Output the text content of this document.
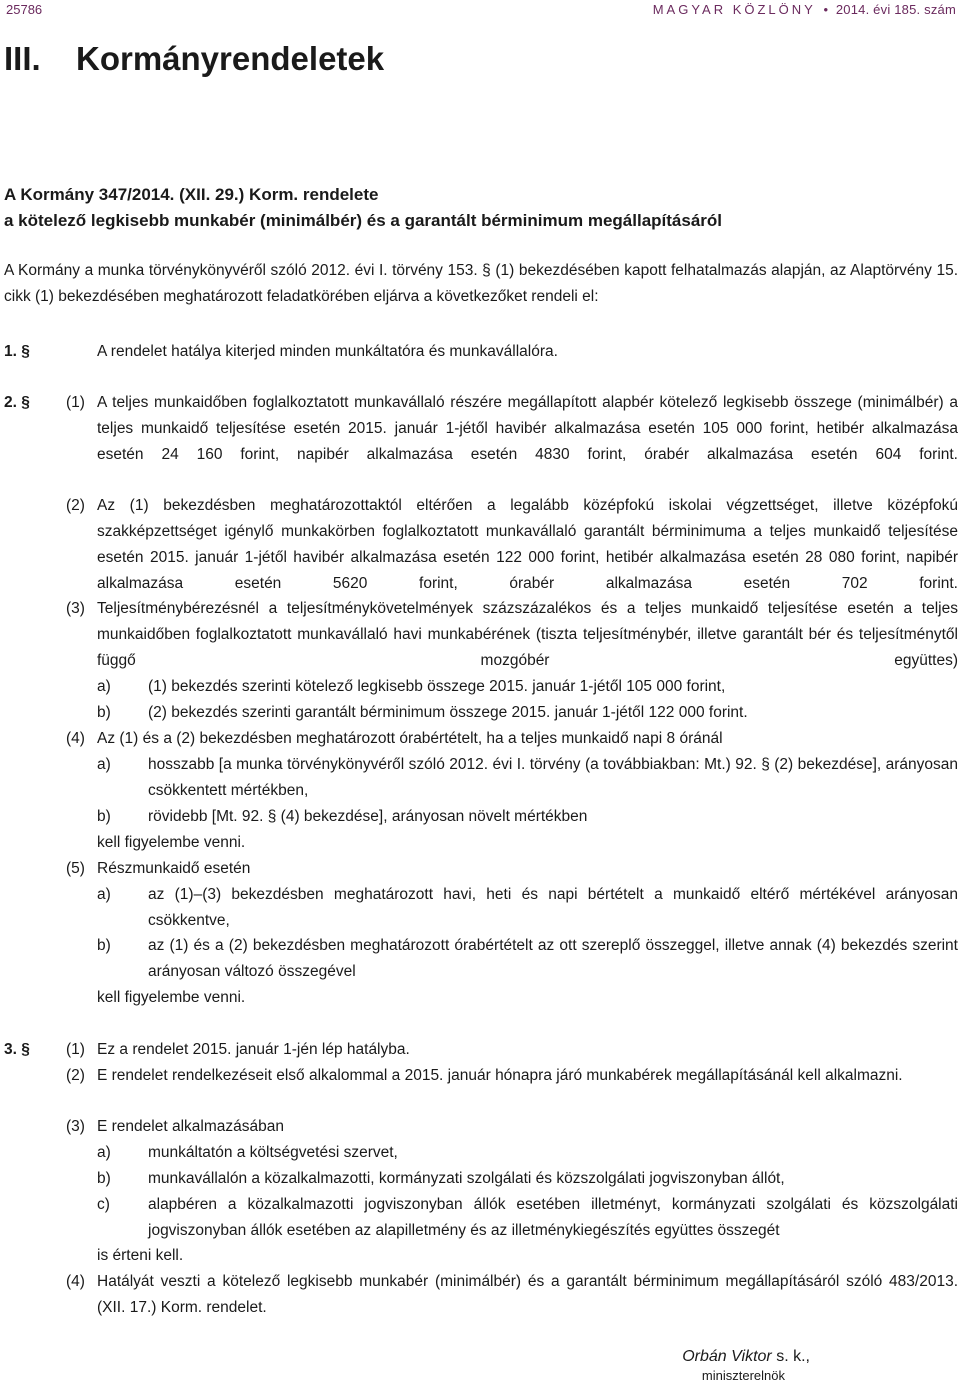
25786	MAGYAR KÖZLÖNY  •  2014. évi 185. szám
III. Kormányrendeletek
A Kormány 347/2014. (XII. 29.) Korm. rendelete
a kötelező legkisebb munkabér (minimálbér) és a garantált bérminimum megállapításáról
A Kormány a munka törvénykönyvéről szóló 2012. évi I. törvény 153. § (1) bekezdésében kapott felhatalmazás alapján, az Alaptörvény 15. cikk (1) bekezdésében meghatározott feladatkörében eljárva a következőket rendeli el:
1. §	A rendelet hatálya kiterjed minden munkáltatóra és munkavállalóra.
2. § (1) A teljes munkaidőben foglalkoztatott munkavállaló részére megállapított alapbér kötelező legkisebb összege (minimálbér) a teljes munkaidő teljesítése esetén 2015. január 1-jétől havibér alkalmazása esetén 105 000 forint, hetibér alkalmazása esetén 24 160 forint, napibér alkalmazása esetén 4830 forint, órabér alkalmazása esetén 604 forint.
(2) Az (1) bekezdésben meghatározottaktól eltérően a legalább középfokú iskolai végzettséget, illetve középfokú szakképzettséget igénylő munkakörben foglalkoztatott munkavállaló garantált bérminimuma a teljes munkaidő teljesítése esetén 2015. január 1-jétől havibér alkalmazása esetén 122 000 forint, hetibér alkalmazása esetén 28 080 forint, napibér alkalmazása esetén 5620 forint, órabér alkalmazása esetén 702 forint.
(3) Teljesítménybérezésnél a teljesítménykövetelmények százszázalékos és a teljes munkaidő teljesítése esetén a teljes munkaidőben foglalkoztatott munkavállaló havi munkabérének (tiszta teljesítménybér, illetve garantált bér és teljesítménytől függő mozgóbér együttes)
a) (1) bekezdés szerinti kötelező legkisebb összege 2015. január 1-jétől 105 000 forint,
b) (2) bekezdés szerinti garantált bérminimum összege 2015. január 1-jétől 122 000 forint.
(4) Az (1) és a (2) bekezdésben meghatározott órabértételt, ha a teljes munkaidő napi 8 óránál
a) hosszabb [a munka törvénykönyvéről szóló 2012. évi I. törvény (a továbbiakban: Mt.) 92. § (2) bekezdése], arányosan csökkentett mértékben,
b) rövidebb [Mt. 92. § (4) bekezdése], arányosan növelt mértékben
kell figyelembe venni.
(5) Részmunkaidő esetén
a) az (1)–(3) bekezdésben meghatározott havi, heti és napi bértételt a munkaidő eltérő mértékével arányosan csökkentve,
b) az (1) és a (2) bekezdésben meghatározott órabértételt az ott szereplő összeggel, illetve annak (4) bekezdés szerint arányosan változó összegével
kell figyelembe venni.
3. § (1) Ez a rendelet 2015. január 1-jén lép hatályba.
(2) E rendelet rendelkezéseit első alkalommal a 2015. január hónapra járó munkabérek megállapításánál kell alkalmazni.
(3) E rendelet alkalmazásában
a) munkáltatón a költségvetési szervet,
b) munkavállalón a közalkalmazotti, kormányzati szolgálati és közszolgálati jogviszonyban állót,
c) alapbéren a közalkalmazotti jogviszonyban állók esetében illetményt, kormányzati szolgálati és közszolgálati jogviszonyban állók esetében az alapilletmény és az illetménykiegészítés együttes összegét
is érteni kell.
(4) Hatályát veszti a kötelező legkisebb munkabér (minimálbér) és a garantált bérminimum megállapításáról szóló 483/2013. (XII. 17.) Korm. rendelet.
Orbán Viktor s. k.,
miniszterelnök
